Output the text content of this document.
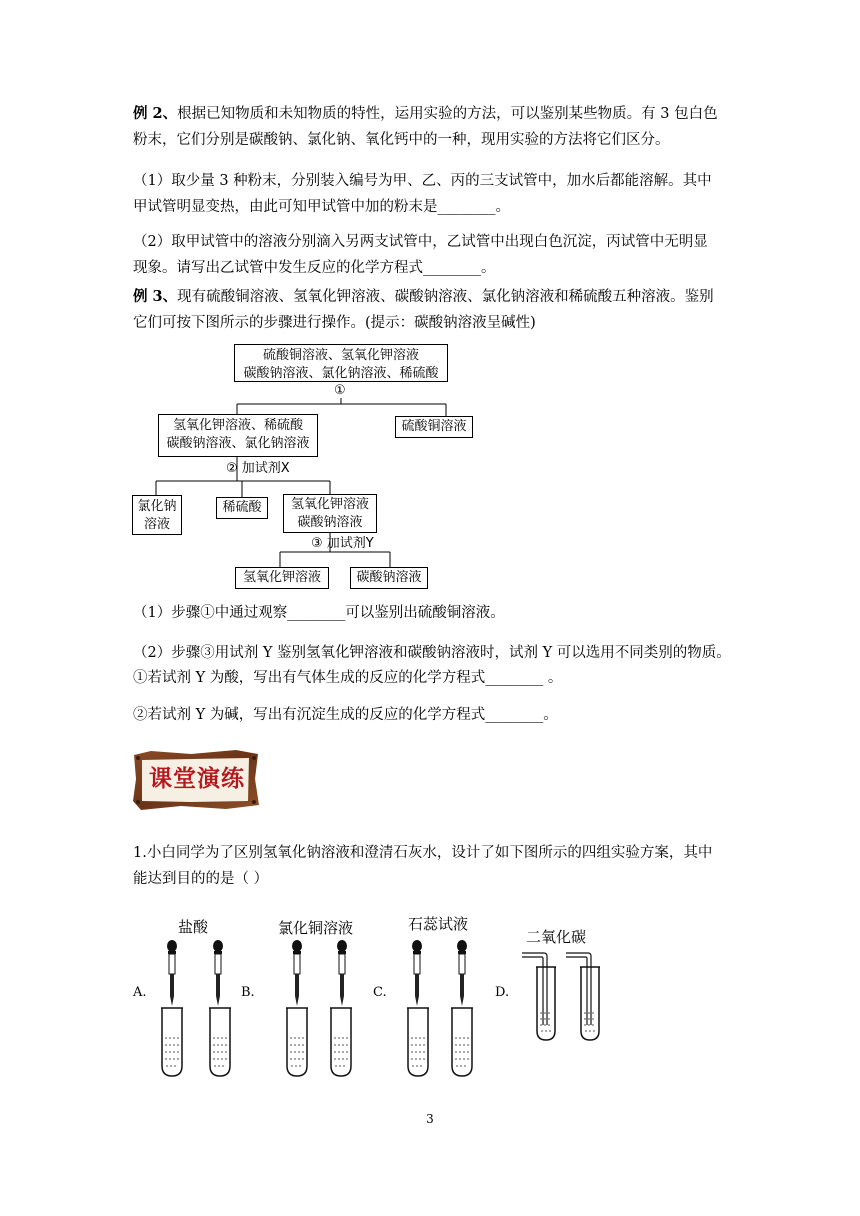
例 2、根据已知物质和未知物质的特性，运用实验的方法，可以鉴别某些物质。有 3 包白色
粉末，它们分别是碳酸钠、氯化钠、氧化钙中的一种，现用实验的方法将它们区分。
（1）取少量 3 种粉末，分别装入编号为甲、乙、丙的三支试管中，加水后都能溶解。其中
甲试管明显变热，由此可知甲试管中加的粉末是________。
（2）取甲试管中的溶液分别滴入另两支试管中，乙试管中出现白色沉淀，丙试管中无明显
现象。请写出乙试管中发生反应的化学方程式________。
例 3、现有硫酸铜溶液、氢氧化钾溶液、碳酸钠溶液、氯化钠溶液和稀硫酸五种溶液。鉴别
它们可按下图所示的步骤进行操作。(提示：碳酸钠溶液呈碱性)
硫酸铜溶液、氢氧化钾溶液
碳酸钠溶液、氯化钠溶液、稀硫酸
①
氢氧化钾溶液、稀硫酸
碳酸钠溶液、氯化钠溶液
硫酸铜溶液
② 加试剂X
氯化钠
溶液
稀硫酸	氢氧化钾溶液
碳酸钠溶液
③ 加试剂Y
氢氧化钾溶液	碳酸钠溶液
（1）步骤①中通过观察________可以鉴别出硫酸铜溶液。
（2）步骤③用试剂 Y 鉴别氢氧化钾溶液和碳酸钠溶液时，试剂 Y 可以选用不同类别的物质。
①若试剂 Y 为酸，写出有气体生成的反应的化学方程式________ 。
②若试剂 Y 为碱，写出有沉淀生成的反应的化学方程式________。
课堂演练
1.小白同学为了区别氢氧化钠溶液和澄清石灰水，设计了如下图所示的四组实验方案，其中
能达到目的的是（ ）
盐酸	氯化铜溶液	石蕊试液
二氧化碳
A.	B.	C.	D.
3
